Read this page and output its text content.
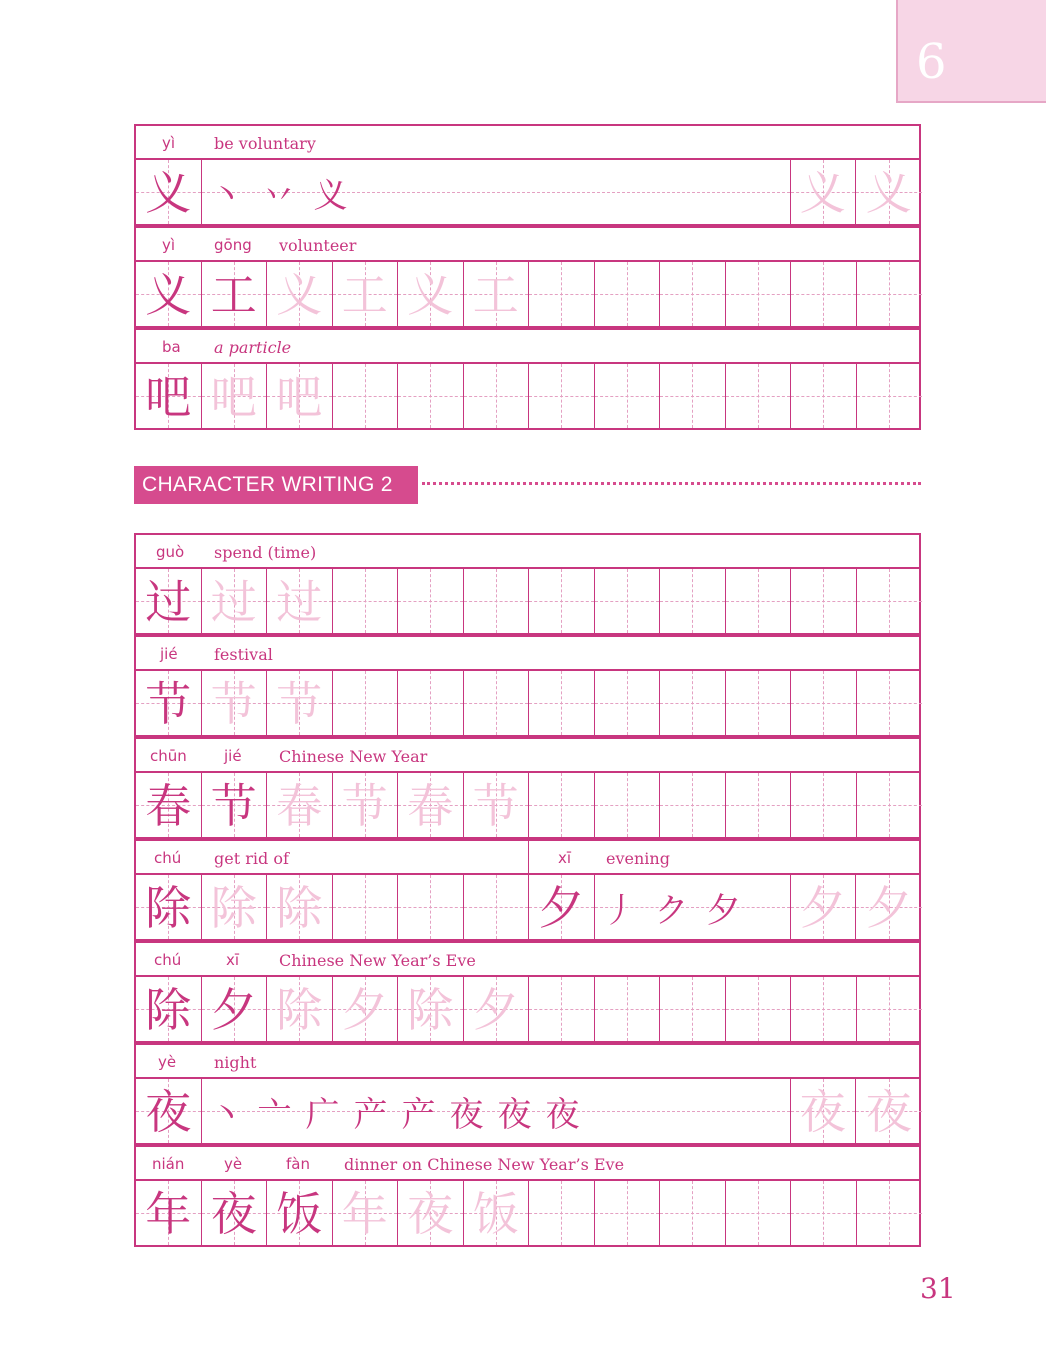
6
yì be voluntary
义 丶 丷 义	义 义
yì	gōng volunteer
义 工 义 工 义 工
ba a particle
吧 吧 吧
CHARACTER WRITING 2
guò spend (time)
过 过 过
jié festival
节 节 节
chūn jié Chinese New Year
春 节 春 节 春 节
chú get rid of	xī evening
除 除 除	夕 丿 ク 夕 夕 夕
chú	xī Chinese New Year’s Eve
除 夕 除 夕 除 夕
yè night
夜 丶 亠 广 产 产 夜 夜 夜	夜 夜
nián	yè	fàn dinner on Chinese New Year’s Eve
年 夜 饭 年 夜 饭
31
